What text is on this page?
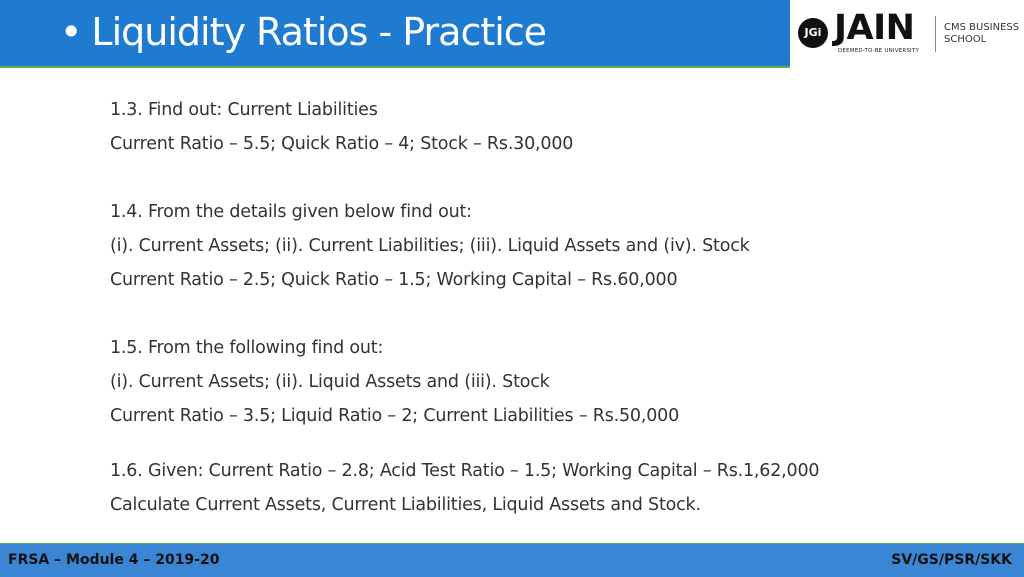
• Liquidity Ratios - Practice	JGi JAIN
DEEMED-TO-BE UNIVERSITY
CMS BUSINESS
SCHOOL
1.3. Find out: Current Liabilities
Current Ratio – 5.5; Quick Ratio – 4; Stock – Rs.30,000
1.4. From the details given below find out:
(i). Current Assets; (ii). Current Liabilities; (iii). Liquid Assets and (iv). Stock
Current Ratio – 2.5; Quick Ratio – 1.5; Working Capital – Rs.60,000
1.5. From the following find out:
(i). Current Assets; (ii). Liquid Assets and (iii). Stock
Current Ratio – 3.5; Liquid Ratio – 2; Current Liabilities – Rs.50,000
1.6. Given: Current Ratio – 2.8; Acid Test Ratio – 1.5; Working Capital – Rs.1,62,000
Calculate Current Assets, Current Liabilities, Liquid Assets and Stock.
FRSA – Module 4 – 2019-20	SV/GS/PSR/SKK
